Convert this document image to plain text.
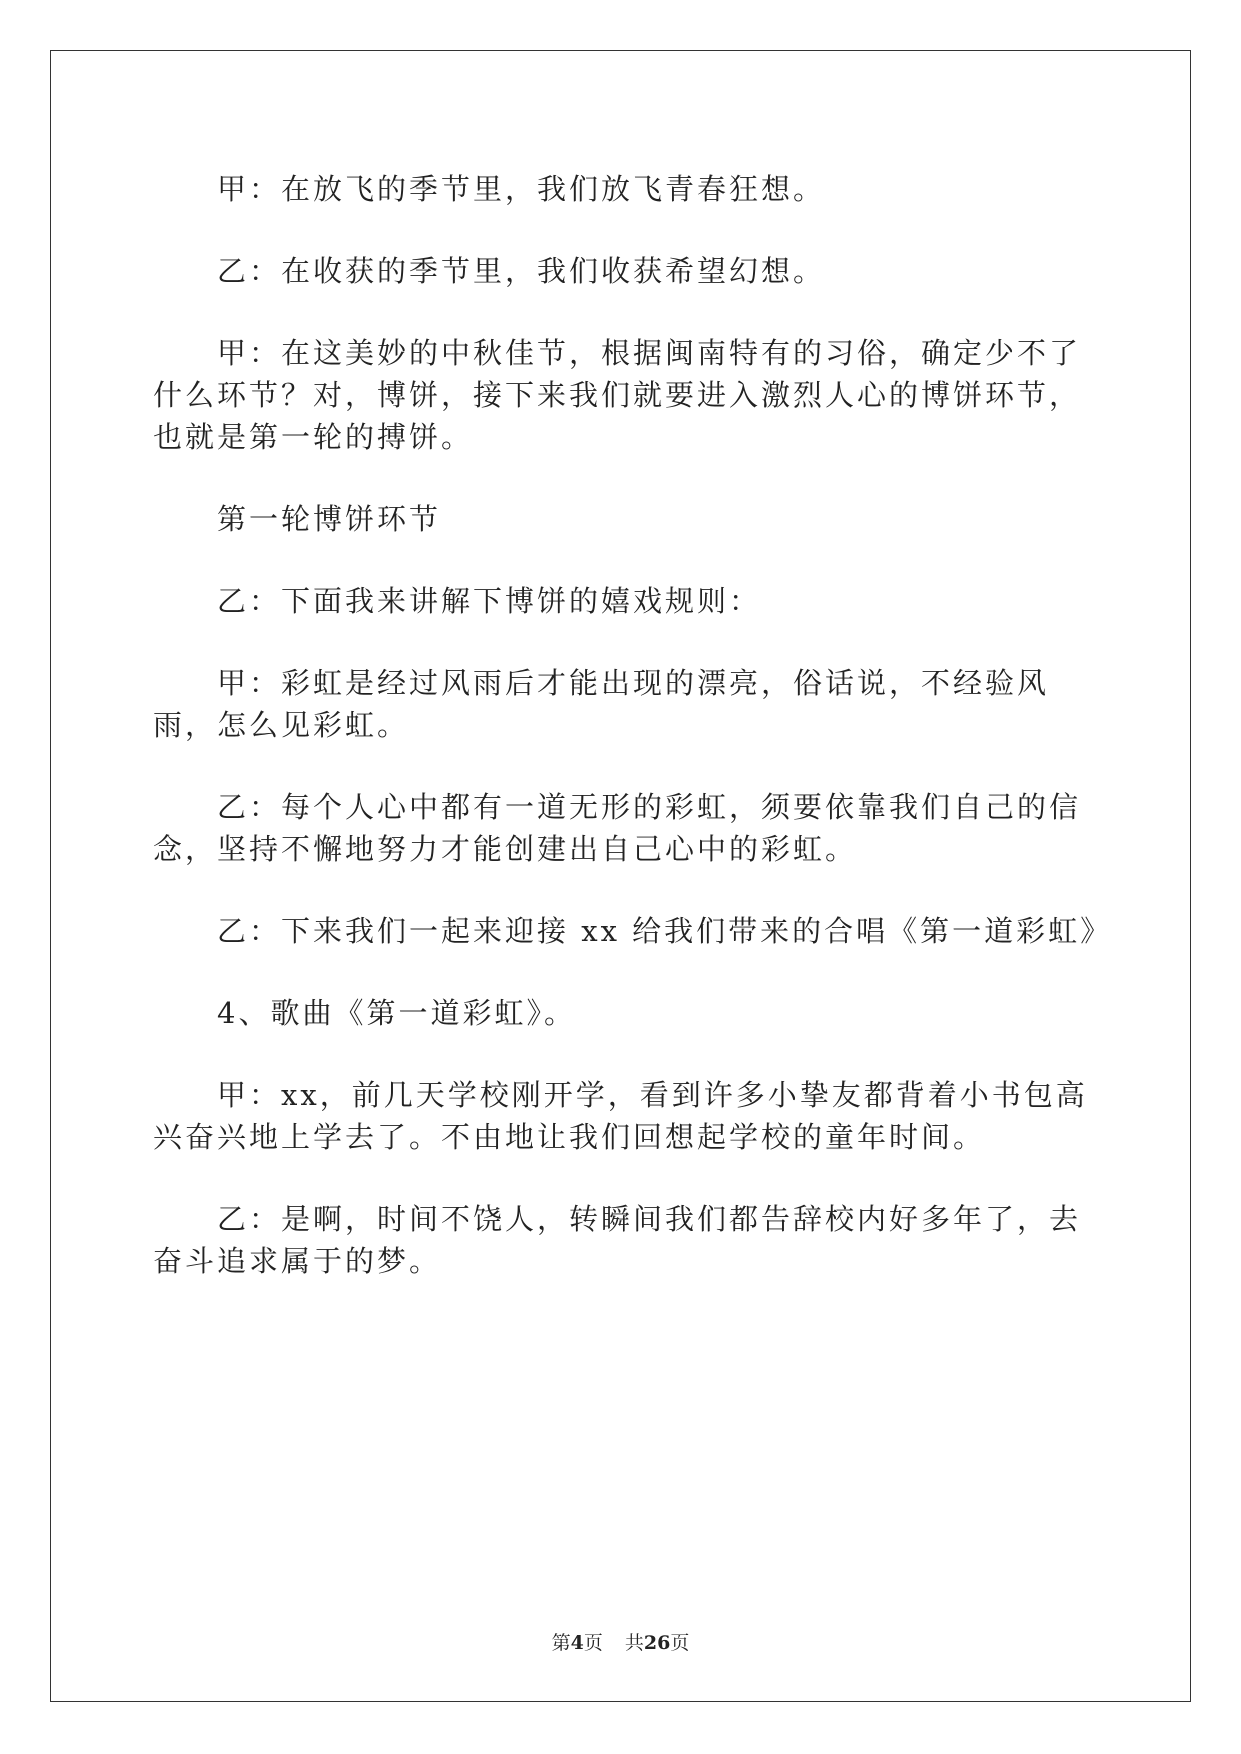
甲：在放飞的季节里，我们放飞青春狂想。

乙：在收获的季节里，我们收获希望幻想。

甲：在这美妙的中秋佳节，根据闽南特有的习俗，确定少不了什么环节？对，博饼，接下来我们就要进入激烈人心的博饼环节，也就是第一轮的搏饼。

第一轮博饼环节

乙：下面我来讲解下博饼的嬉戏规则：

甲：彩虹是经过风雨后才能出现的漂亮，俗话说，不经验风雨，怎么见彩虹。

乙：每个人心中都有一道无形的彩虹，须要依靠我们自己的信念，坚持不懈地努力才能创建出自己心中的彩虹。

乙：下来我们一起来迎接 xx 给我们带来的合唱《第一道彩虹》

4、歌曲《第一道彩虹》。

甲：xx，前几天学校刚开学，看到许多小挚友都背着小书包高兴奋兴地上学去了。不由地让我们回想起学校的童年时间。

乙：是啊，时间不饶人，转瞬间我们都告辞校内好多年了，去奋斗追求属于的梦。

第4页 共26页
